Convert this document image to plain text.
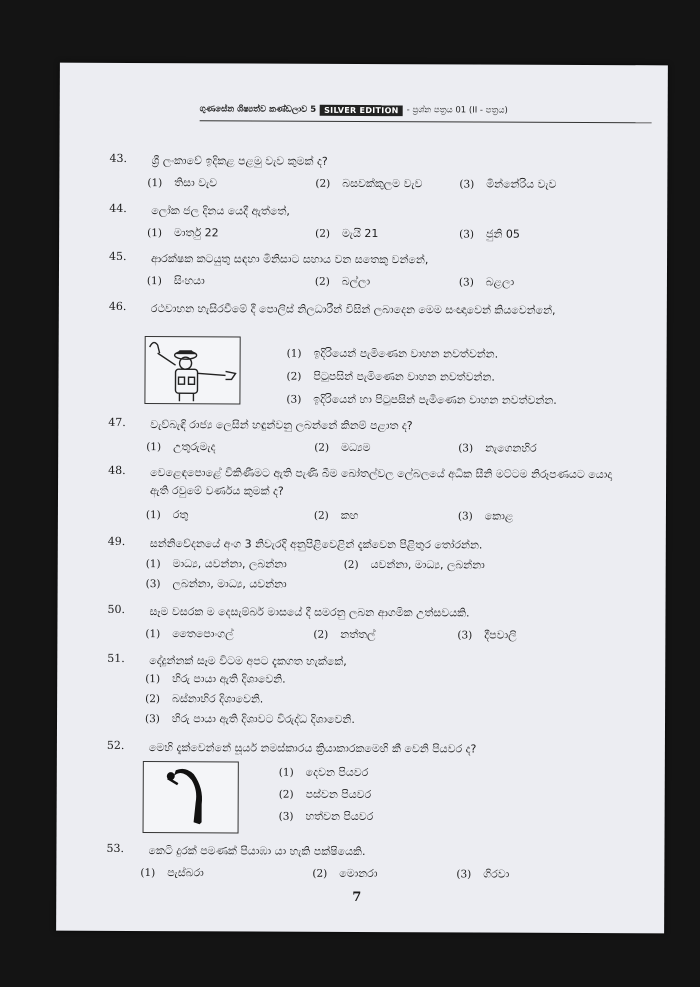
ගුණසේන ශිෂ්‍යත්ව කණ්ඩලාව 5 SILVER EDITION - ප්‍රශ්න පත්‍රය 01 (II - පත්‍රය)
43. ශ්‍රී ලංකාවේ ඉදිකළ පළමු වැව කුමක් ද?
(1) තිසා වැව	(2) බසවක්කුලම වැව	(3) මින්නේරිය වැව
44. ලෝක ජල දිනය යෙදී ඇත්තේ,
(1) මාර්තු 22	(2) මැයි 21	(3) ජුනි 05
45. ආරක්ෂක කටයුතු සඳහා මිනිසාට සහාය වන සතෙකු වන්නේ,
(1) සිංහයා	(2) බල්ලා	(3) බළලා
46. රථවාහන හැසිරවීමේ දී පොලිස් නිලධාරීන් විසින් ලබාදෙන මෙම සංඥාවෙන් කියවෙන්නේ,
(1) ඉදිරියෙන් පැමිණෙන වාහන නවත්වන්න.
(2) පිටුපසින් පැමිණෙන වාහන නවත්වන්න.
(3) ඉදිරියෙන් හා පිටුපසින් පැමිණෙන වාහන නවත්වන්න.
47. වැව්බැඳි රාජ්‍ය ලෙසින් හඳුන්වනු ලබන්නේ කිනම් පළාත ද?
(1) උතුරුමැද	(2) මධ්‍යම	(3) නැගෙනහිර
48. වෙළෙඳපොළේ විකිණීමට ඇති පැණි බීම බෝතල්වල ලේබලයේ අධික සීනි මට්ටම නිරූපණයට යොදා ඇති රවුමේ වර්ණය කුමක් ද?
(1) රතු	(2) කහ	(3) කොළ
49. සන්නිවේදනයේ අංග 3 නිවැරදි අනුපිළිවෙළින් දැක්වෙන පිළිතුර තෝරන්න.
(1) මාධ්‍ය, යවන්නා, ලබන්නා	(2) යවන්නා, මාධ්‍ය, ලබන්නා
(3) ලබන්නා, මාධ්‍ය, යවන්නා
50. සෑම වසරක ම දෙසැම්බර් මාසයේ දී සමරනු ලබන ආගමික උත්සවයකි.
(1) තෛපොංගල්	(2) නත්තල්	(3) දීපවාලි
51. දේදුන්නක් සෑම විටම අපට දැකගත හැක්කේ,
(1) හිරු පායා ඇති දිශාවෙනි.
(2) බස්නාහිර දිශාවෙනි.
(3) හිරු පායා ඇති දිශාවට විරුද්ධ දිශාවෙනි.
52. මෙහි දැක්වෙන්නේ සූර්ය නමස්කාරය ක්‍රියාකාරකමෙහි කී වෙනි පියවර ද?
(1) දෙවන පියවර
(2) පස්වන පියවර
(3) හත්වන පියවර
53. කෙටි දුරක් පමණක් පියාඹා යා හැකි පක්ෂියෙකි.
(1) පැස්බරා	(2) මොනරා	(3) ගිරවා
7
